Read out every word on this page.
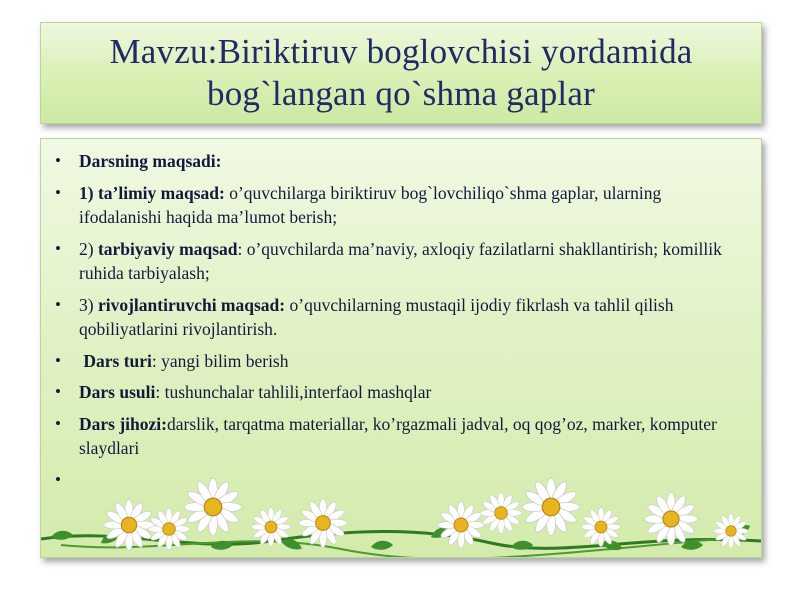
Mavzu:Biriktiruv boglovchisi yordamida
bog`langan qo`shma gaplar
• Darsning maqsadi:
• 1) ta’limiy maqsad: o’quvchilarga biriktiruv bog`lovchiliqo`shma gaplar, ularning ifodalanishi haqida ma’lumot berish;
• 2) tarbiyaviy maqsad: o’quvchilarda ma’naviy, axloqiy fazilatlarni shakllantirish; komillik ruhida tarbiyalash;
• 3) rivojlantiruvchi maqsad: o’quvchilarning mustaqil ijodiy fikrlash va tahlil qilish qobiliyatlarini rivojlantirish.
• Dars turi: yangi bilim berish
• Dars usuli: tushunchalar tahlili,interfaol mashqlar
• Dars jihozi:darslik, tarqatma materiallar, ko’rgazmali jadval, oq qog’oz, marker, komputer slaydlari
•
